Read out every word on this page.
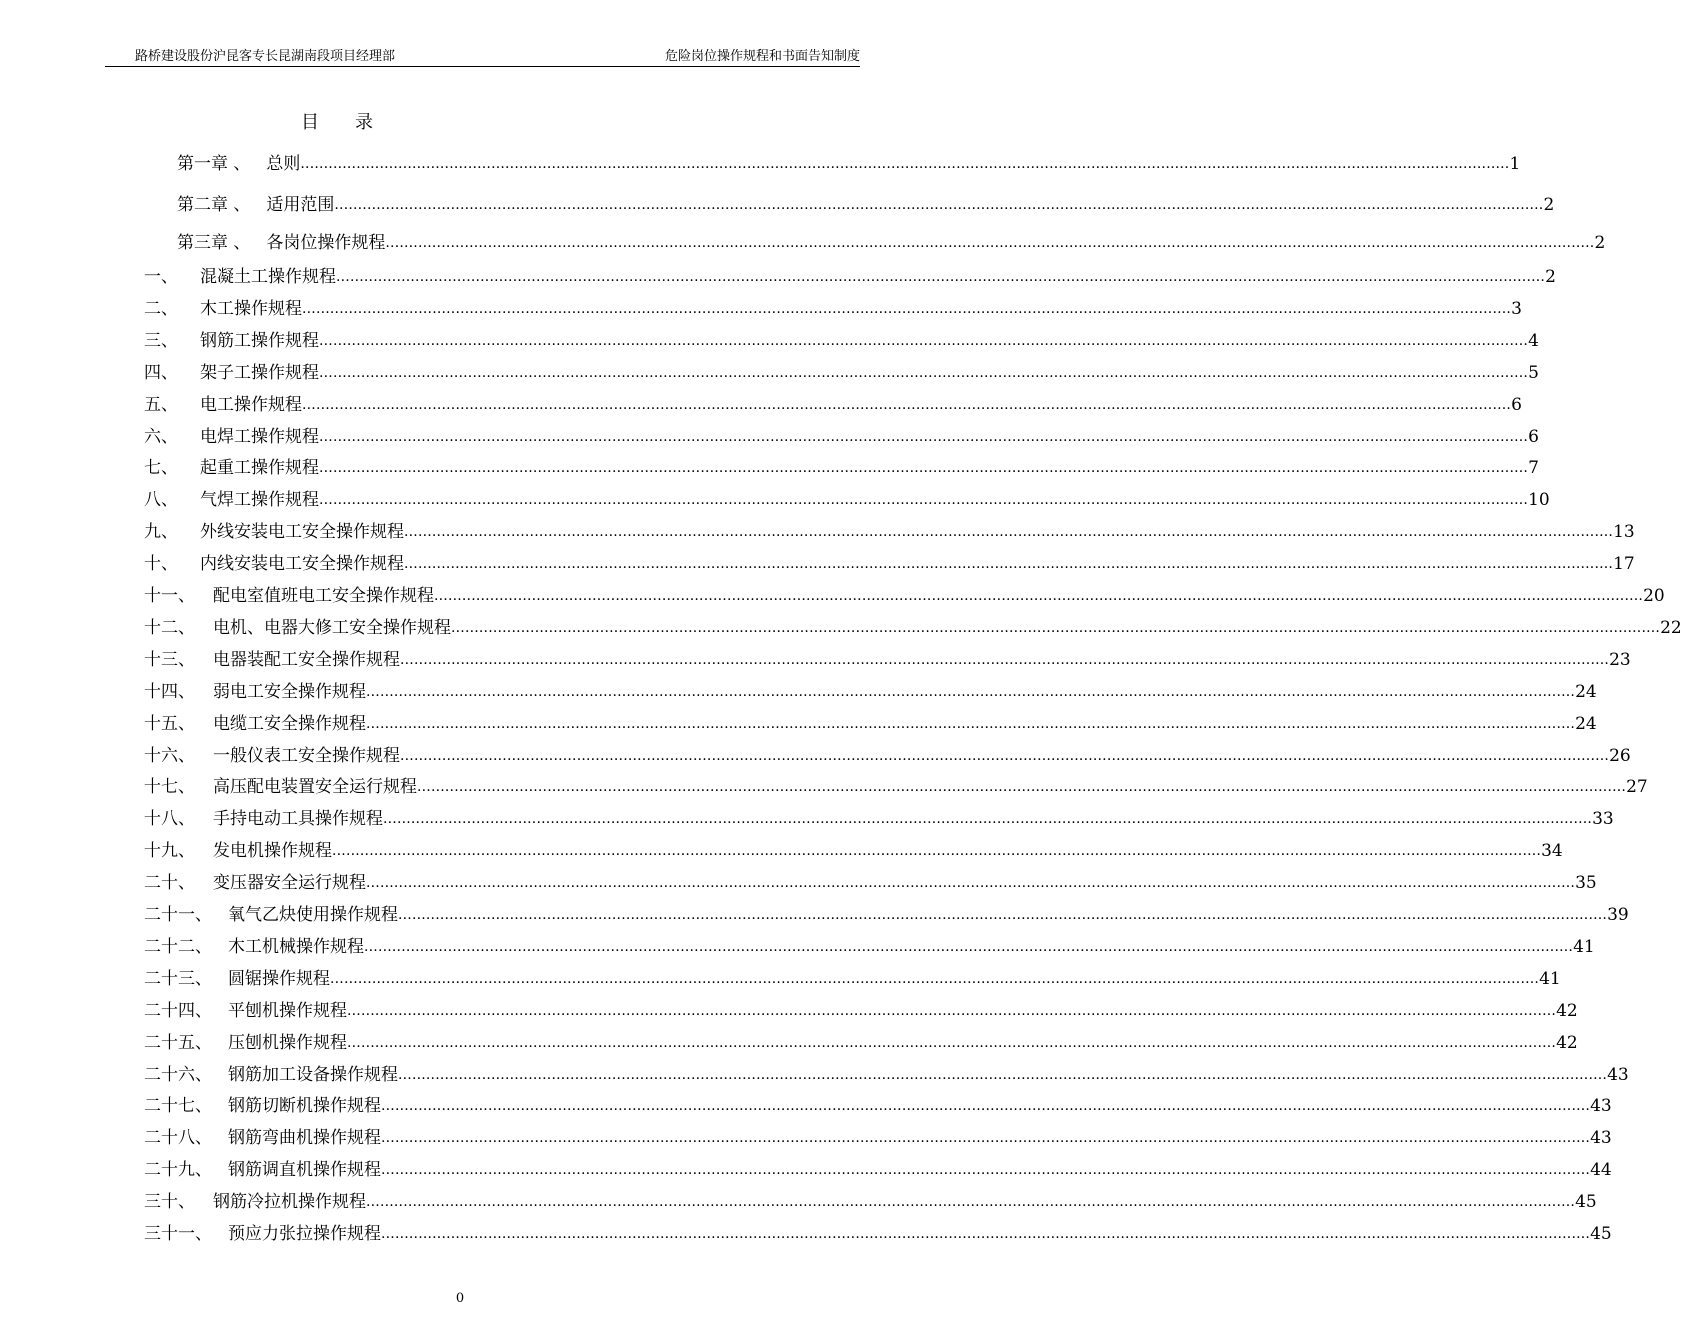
路桥建设股份沪昆客专长昆湖南段项目经理部	危险岗位操作规程和书面告知制度
目录
第一章 、 总则 .................................................................................................................................................................................................................................................................... 1
第二章 、 适用范围 .................................................................................................................................................................................................................................................................... 2
第三章 、 各岗位操作规程 .................................................................................................................................................................................................................................................................... 2
一、 混凝土工操作规程 .................................................................................................................................................................................................................................................................... 2
二、 木工操作规程 .................................................................................................................................................................................................................................................................... 3
三、 钢筋工操作规程 .................................................................................................................................................................................................................................................................... 4
四、 架子工操作规程 .................................................................................................................................................................................................................................................................... 5
五、 电工操作规程 .................................................................................................................................................................................................................................................................... 6
六、 电焊工操作规程 .................................................................................................................................................................................................................................................................... 6
七、 起重工操作规程 .................................................................................................................................................................................................................................................................... 7
八、 气焊工操作规程 .................................................................................................................................................................................................................................................................... 10
九、 外线安装电工安全操作规程 .................................................................................................................................................................................................................................................................... 13
十、 内线安装电工安全操作规程 .................................................................................................................................................................................................................................................................... 17
十一、 配电室值班电工安全操作规程 .................................................................................................................................................................................................................................................................... 20
十二、 电机、电器大修工安全操作规程 .................................................................................................................................................................................................................................................................... 22
十三、 电器装配工安全操作规程 .................................................................................................................................................................................................................................................................... 23
十四、 弱电工安全操作规程 .................................................................................................................................................................................................................................................................... 24
十五、 电缆工安全操作规程 .................................................................................................................................................................................................................................................................... 24
十六、 一般仪表工安全操作规程 .................................................................................................................................................................................................................................................................... 26
十七、 高压配电装置安全运行规程 .................................................................................................................................................................................................................................................................... 27
十八、 手持电动工具操作规程 .................................................................................................................................................................................................................................................................... 33
十九、 发电机操作规程 .................................................................................................................................................................................................................................................................... 34
二十、 变压器安全运行规程 .................................................................................................................................................................................................................................................................... 35
二十一、 氧气乙炔使用操作规程 .................................................................................................................................................................................................................................................................... 39
二十二、 木工机械操作规程 .................................................................................................................................................................................................................................................................... 41
二十三、 圆锯操作规程 .................................................................................................................................................................................................................................................................... 41
二十四、 平刨机操作规程 .................................................................................................................................................................................................................................................................... 42
二十五、 压刨机操作规程 .................................................................................................................................................................................................................................................................... 42
二十六、 钢筋加工设备操作规程 .................................................................................................................................................................................................................................................................... 43
二十七、 钢筋切断机操作规程 .................................................................................................................................................................................................................................................................... 43
二十八、 钢筋弯曲机操作规程 .................................................................................................................................................................................................................................................................... 43
二十九、 钢筋调直机操作规程 .................................................................................................................................................................................................................................................................... 44
三十、 钢筋冷拉机操作规程 .................................................................................................................................................................................................................................................................... 45
三十一、 预应力张拉操作规程 .................................................................................................................................................................................................................................................................... 45
0
